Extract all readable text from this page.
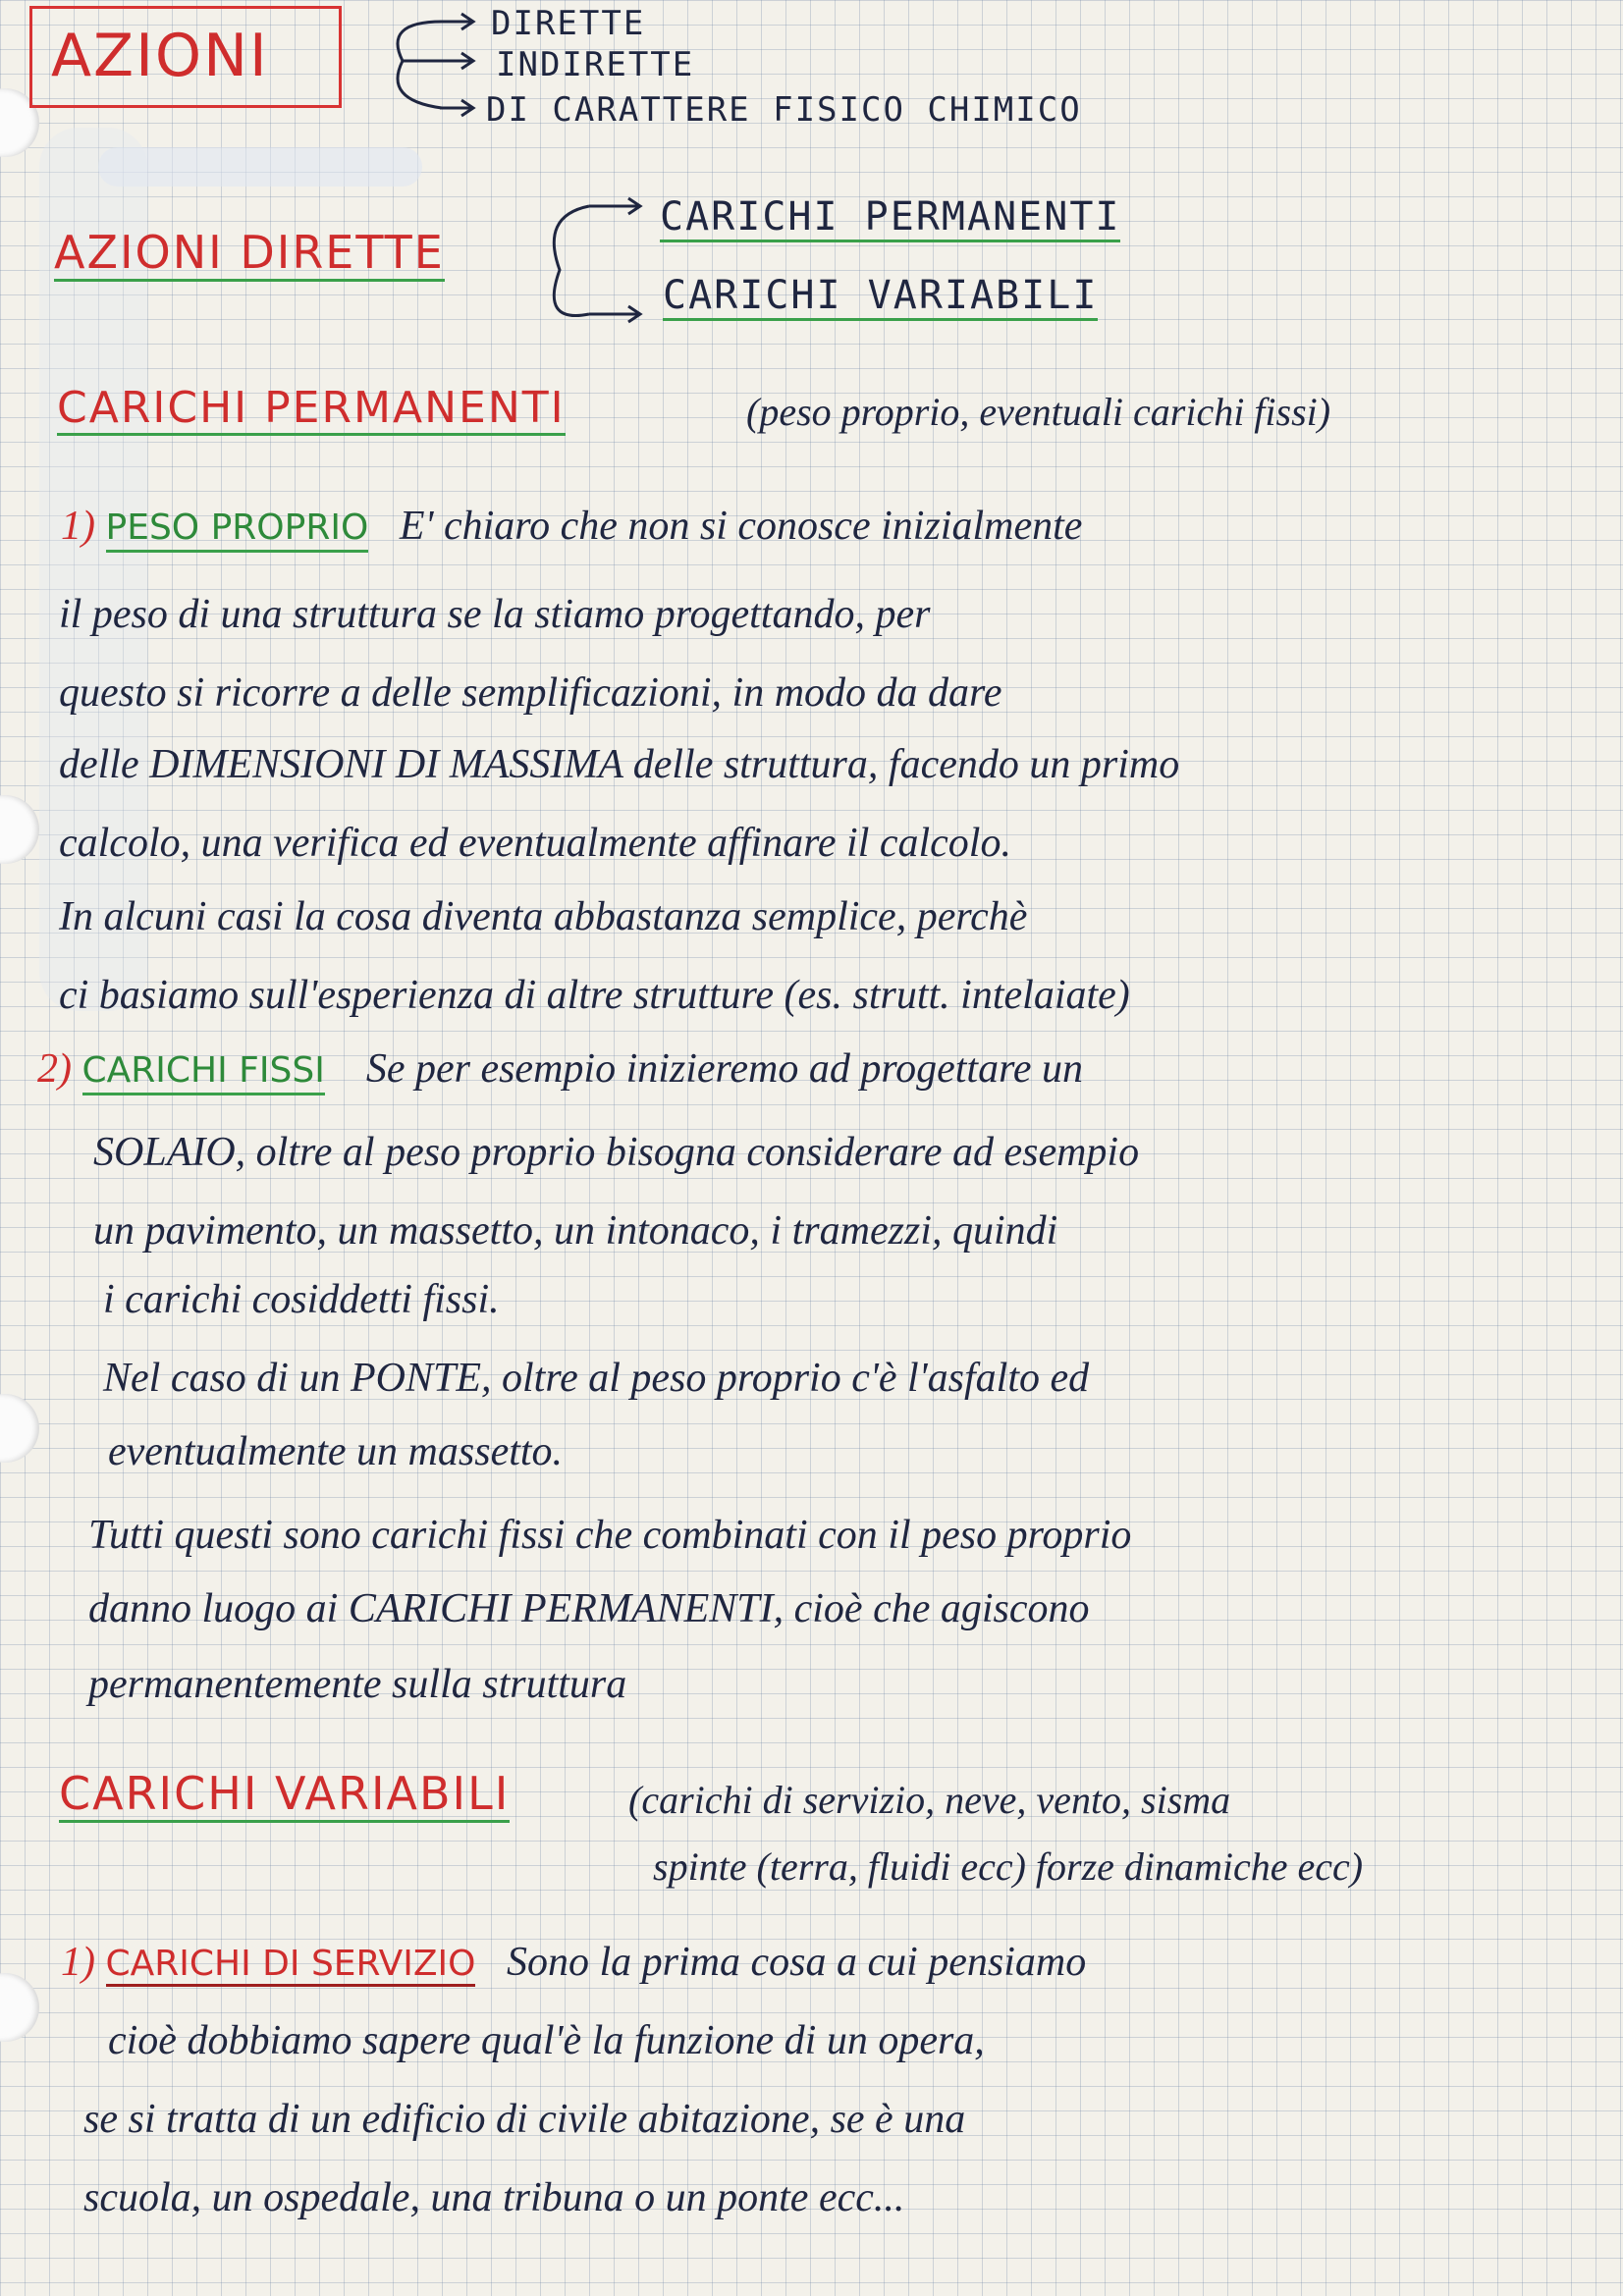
AZIONI	DIRETTE
INDIRETTE
DI CARATTERE FISICO CHIMICO
AZIONI DIRETTE
CARICHI PERMANENTI
CARICHI VARIABILI
CARICHI PERMANENTI	(peso proprio, eventuali carichi fissi)
1) PESO PROPRIO E' chiaro che non si conosce inizialmente
il peso di una struttura se la stiamo progettando, per
questo si ricorre a delle semplificazioni, in modo da dare
delle DIMENSIONI DI MASSIMA delle struttura, facendo un primo
calcolo, una verifica ed eventualmente affinare il calcolo.
In alcuni casi la cosa diventa abbastanza semplice, perchè
ci basiamo sull'esperienza di altre strutture (es. strutt. intelaiate)
2) CARICHI FISSI Se per esempio inizieremo ad progettare un
SOLAIO, oltre al peso proprio bisogna considerare ad esempio
un pavimento, un massetto, un intonaco, i tramezzi, quindi
i carichi cosiddetti fissi.
Nel caso di un PONTE, oltre al peso proprio c'è l'asfalto ed
eventualmente un massetto.
Tutti questi sono carichi fissi che combinati con il peso proprio
danno luogo ai CARICHI PERMANENTI, cioè che agiscono
permanentemente sulla struttura
CARICHI VARIABILI	(carichi di servizio, neve, vento, sisma
spinte (terra, fluidi ecc) forze dinamiche ecc)
1) CARICHI DI SERVIZIO Sono la prima cosa a cui pensiamo
cioè dobbiamo sapere qual'è la funzione di un opera,
se si tratta di un edificio di civile abitazione, se è una
scuola, un ospedale, una tribuna o un ponte ecc...
